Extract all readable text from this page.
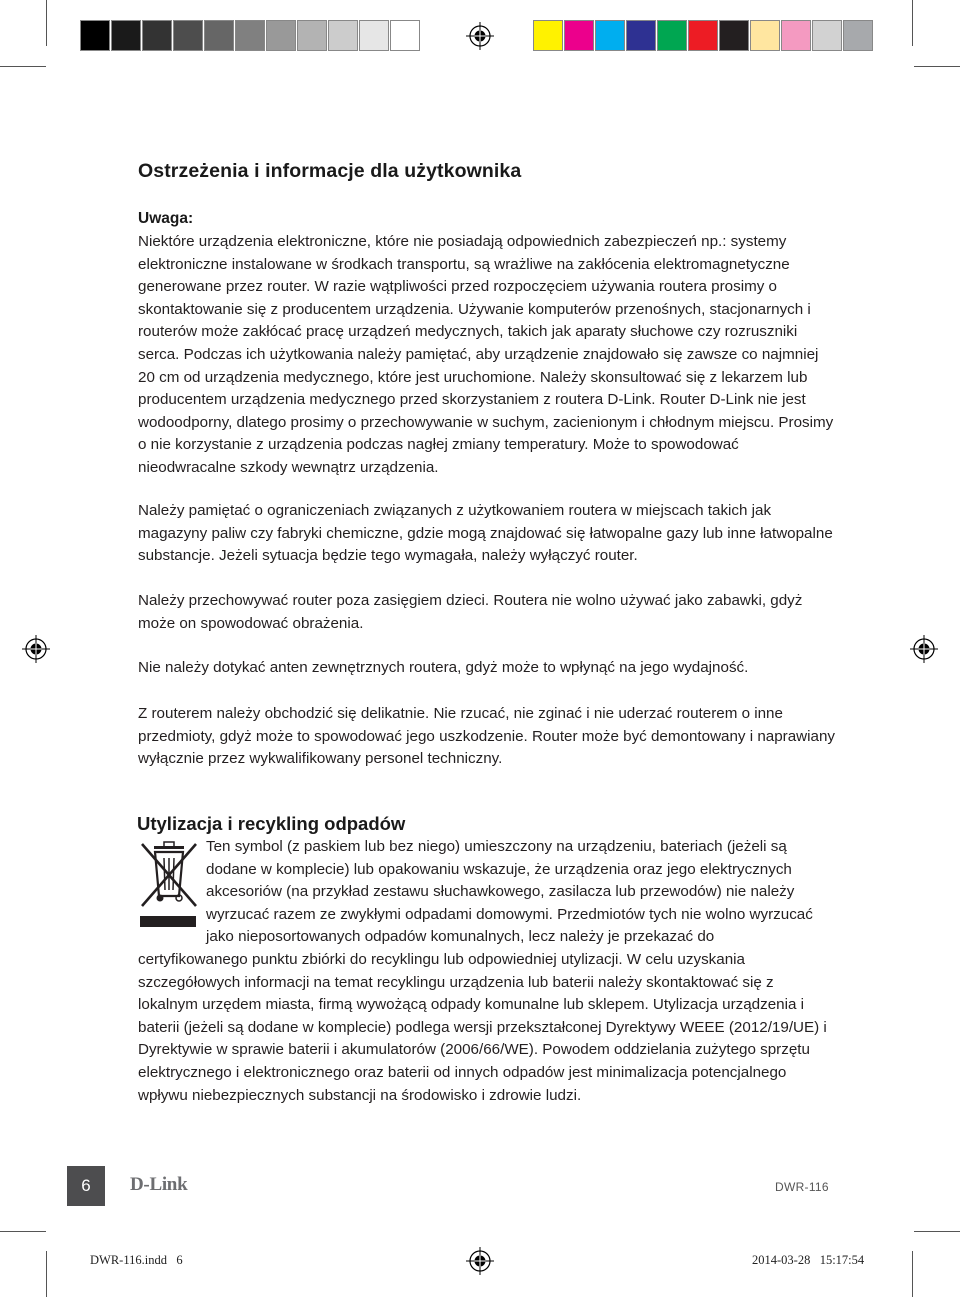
Ostrzeżenia i informacje dla użytkownika
Uwaga:

Niektóre urządzenia elektroniczne, które nie posiadają odpowiednich zabezpieczeń np.: systemy elektroniczne instalowane w środkach transportu, są wrażliwe na zakłócenia elektromagnetyczne generowane przez router. W razie wątpliwości przed rozpoczęciem używania routera prosimy o skontaktowanie się z producentem urządzenia. Używanie komputerów przenośnych, stacjonarnych i routerów może zakłócać pracę urządzeń medycznych, takich jak aparaty słuchowe czy rozruszniki serca. Podczas ich użytkowania należy pamiętać, aby urządzenie znajdowało się zawsze co najmniej 20 cm od urządzenia medycznego, które jest uruchomione. Należy skonsultować się z lekarzem lub producentem urządzenia medycznego przed skorzystaniem z routera D-Link. Router D-Link nie jest wodoodporny, dlatego prosimy o przechowywanie w suchym, zacienionym i chłodnym miejscu. Prosimy o nie korzystanie z urządzenia podczas nagłej zmiany temperatury. Może to spowodować nieodwracalne szkody wewnątrz urządzenia.

Należy pamiętać o ograniczeniach związanych z użytkowaniem routera w miejscach takich jak magazyny paliw czy fabryki chemiczne, gdzie mogą znajdować się łatwopalne gazy lub inne łatwopalne substancje. Jeżeli sytuacja będzie tego wymagała, należy wyłączyć router.

Należy przechowywać router poza zasięgiem dzieci. Routera nie wolno używać jako zabawki, gdyż może on spowodować obrażenia.

Nie należy dotykać anten zewnętrznych routera, gdyż może to wpłynąć na jego wydajność.

Z routerem należy obchodzić się delikatnie. Nie rzucać, nie zginać i nie uderzać routerem o inne przedmioty, gdyż może to spowodować jego uszkodzenie. Router może być demontowany i naprawiany wyłącznie przez wykwalifikowany personel techniczny.

Utylizacja i recykling odpadów
Ten symbol (z paskiem lub bez niego) umieszczony na urządzeniu, bateriach (jeżeli są dodane w komplecie) lub opakowaniu wskazuje, że urządzenia oraz jego elektrycznych akcesoriów (na przykład zestawu słuchawkowego, zasilacza lub przewodów) nie należy wyrzucać razem ze zwykłymi odpadami domowymi. Przedmiotów tych nie wolno wyrzucać jako nieposortowanych odpadów komunalnych, lecz należy je przekazać do certyfikowanego punktu zbiórki do recyklingu lub odpowiedniej utylizacji. W celu uzyskania szczegółowych informacji na temat recyklingu urządzenia lub baterii należy skontaktować się z lokalnym urzędem miasta, firmą wywożącą odpady komunalne lub sklepem. Utylizacja urządzenia i baterii (jeżeli są dodane w komplecie) podlega wersji przekształconej Dyrektywy WEEE (2012/19/UE) i Dyrektywie w sprawie baterii i akumulatorów (2006/66/WE). Powodem oddzielania zużytego sprzętu elektrycznego i elektronicznego oraz baterii od innych odpadów jest minimalizacja potencjalnego wpływu niebezpiecznych substancji na środowisko i zdrowie ludzi.
6	D-Link	DWR-116
DWR-116.indd   6	2014-03-28   15:17:54
